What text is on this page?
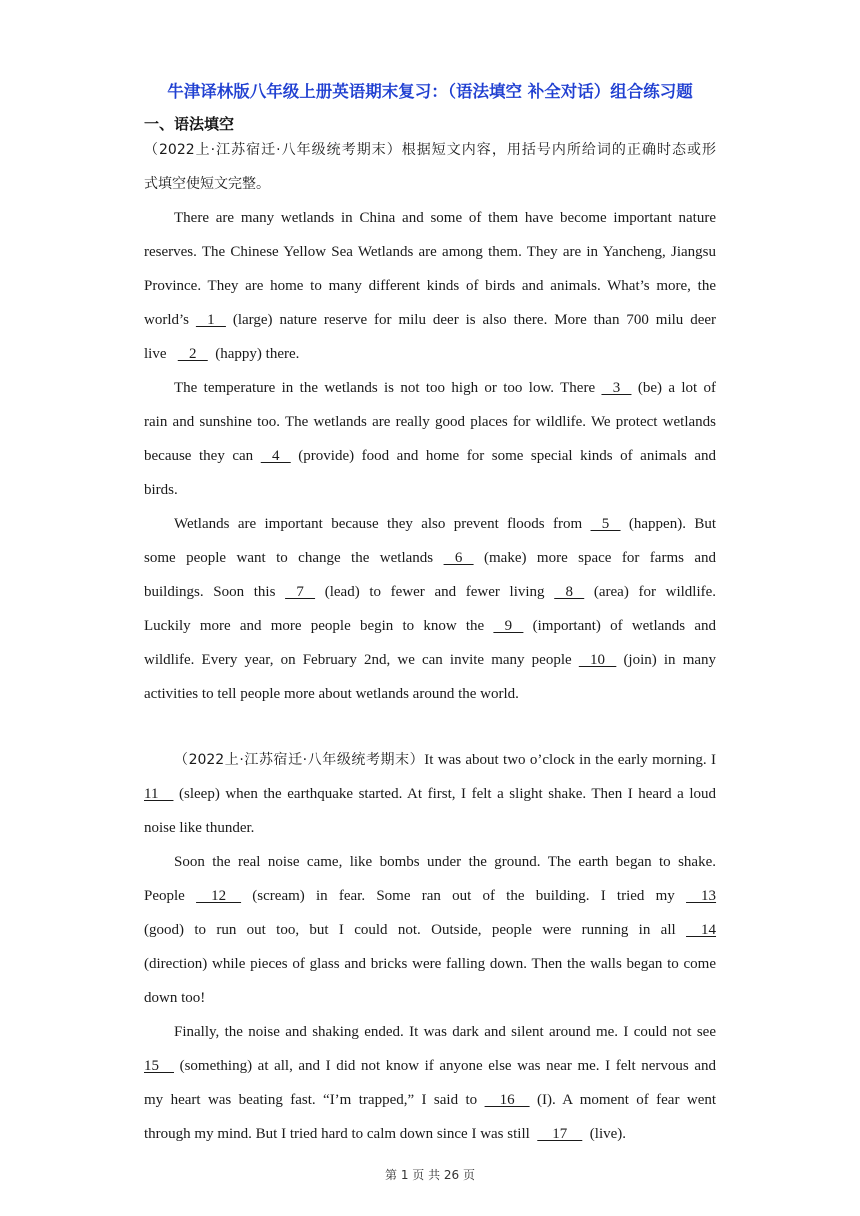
牛津译林版八年级上册英语期末复习：（语法填空 补全对话）组合练习题
一、语法填空
（2022上·江苏宿迁·八年级统考期末）根据短文内容，用括号内所给词的正确时态或形
式填空使短文完整。
There are many wetlands in China and some of them have become important nature
reserves. The Chinese Yellow Sea Wetlands are among them. They are in Yancheng, Jiangsu
Province. They are home to many different kinds of birds and animals. What’s more, the
world’s    1    (large) nature reserve for milu deer is also there. More than 700 milu deer
live      2     (happy) there.
The temperature in the wetlands is not too high or too low. There    3    (be) a lot of
rain and sunshine too. The wetlands are really good places for wildlife. We protect wetlands
because they can    4    (provide) food and home for some special kinds of animals and
birds.
Wetlands are important because they also prevent floods from    5    (happen). But
some people want to change the wetlands    6    (make) more space for farms and
buildings. Soon this    7    (lead) to fewer and fewer living    8    (area) for wildlife.
Luckily more and more people begin to know the    9    (important) of wetlands and
wildlife. Every year, on February 2nd, we can invite many people    10    (join) in many
activities to tell people more about wetlands around the world.
（2022上·江苏宿迁·八年级统考期末）It was about two o’clock in the early morning. I
11     (sleep) when the earthquake started. At first, I felt a slight shake. Then I heard a loud
noise like thunder.
Soon the real noise came, like bombs under the ground. The earth began to shake.
People     12     (scream) in fear. Some ran out of the building. I tried my     13
(good) to run out too, but I could not. Outside, people were running in all     14
(direction) while pieces of glass and bricks were falling down. Then the walls began to come
down too!
Finally, the noise and shaking ended. It was dark and silent around me. I could not see
15     (something) at all, and I did not know if anyone else was near me. I felt nervous and
my heart was beating fast. “I’m trapped,” I said to     16     (I). A moment of fear went
through my mind. But I tried hard to calm down since I was still      17      (live).
第 1 页 共 26 页
